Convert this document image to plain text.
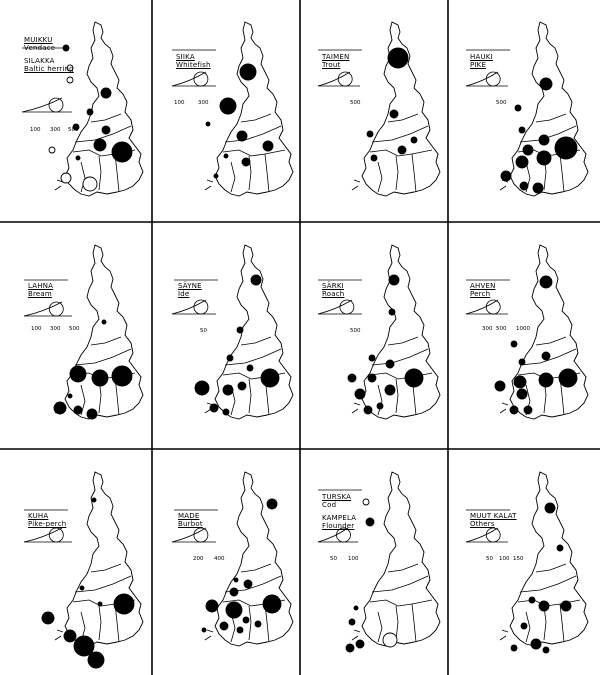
MUIKKU
Vendace
SILAKKA
Baltic herring
SIIKA
Whitefish
TAIMEN
Trout
HAUKI
PIKE
LAHNA
Bream
SÄYNE
Ide
SÄRKI
Roach
AHVEN
Perch
KUHA
Pike-perch
MADE
Burbot
TURSKA
Cod
KAMPELA
Flounder
MUUT KALAT
Others
100 300 500
100 300	500	500
100 300 500	50	500	300 500 1000
200 400	50 100	50 100 150
